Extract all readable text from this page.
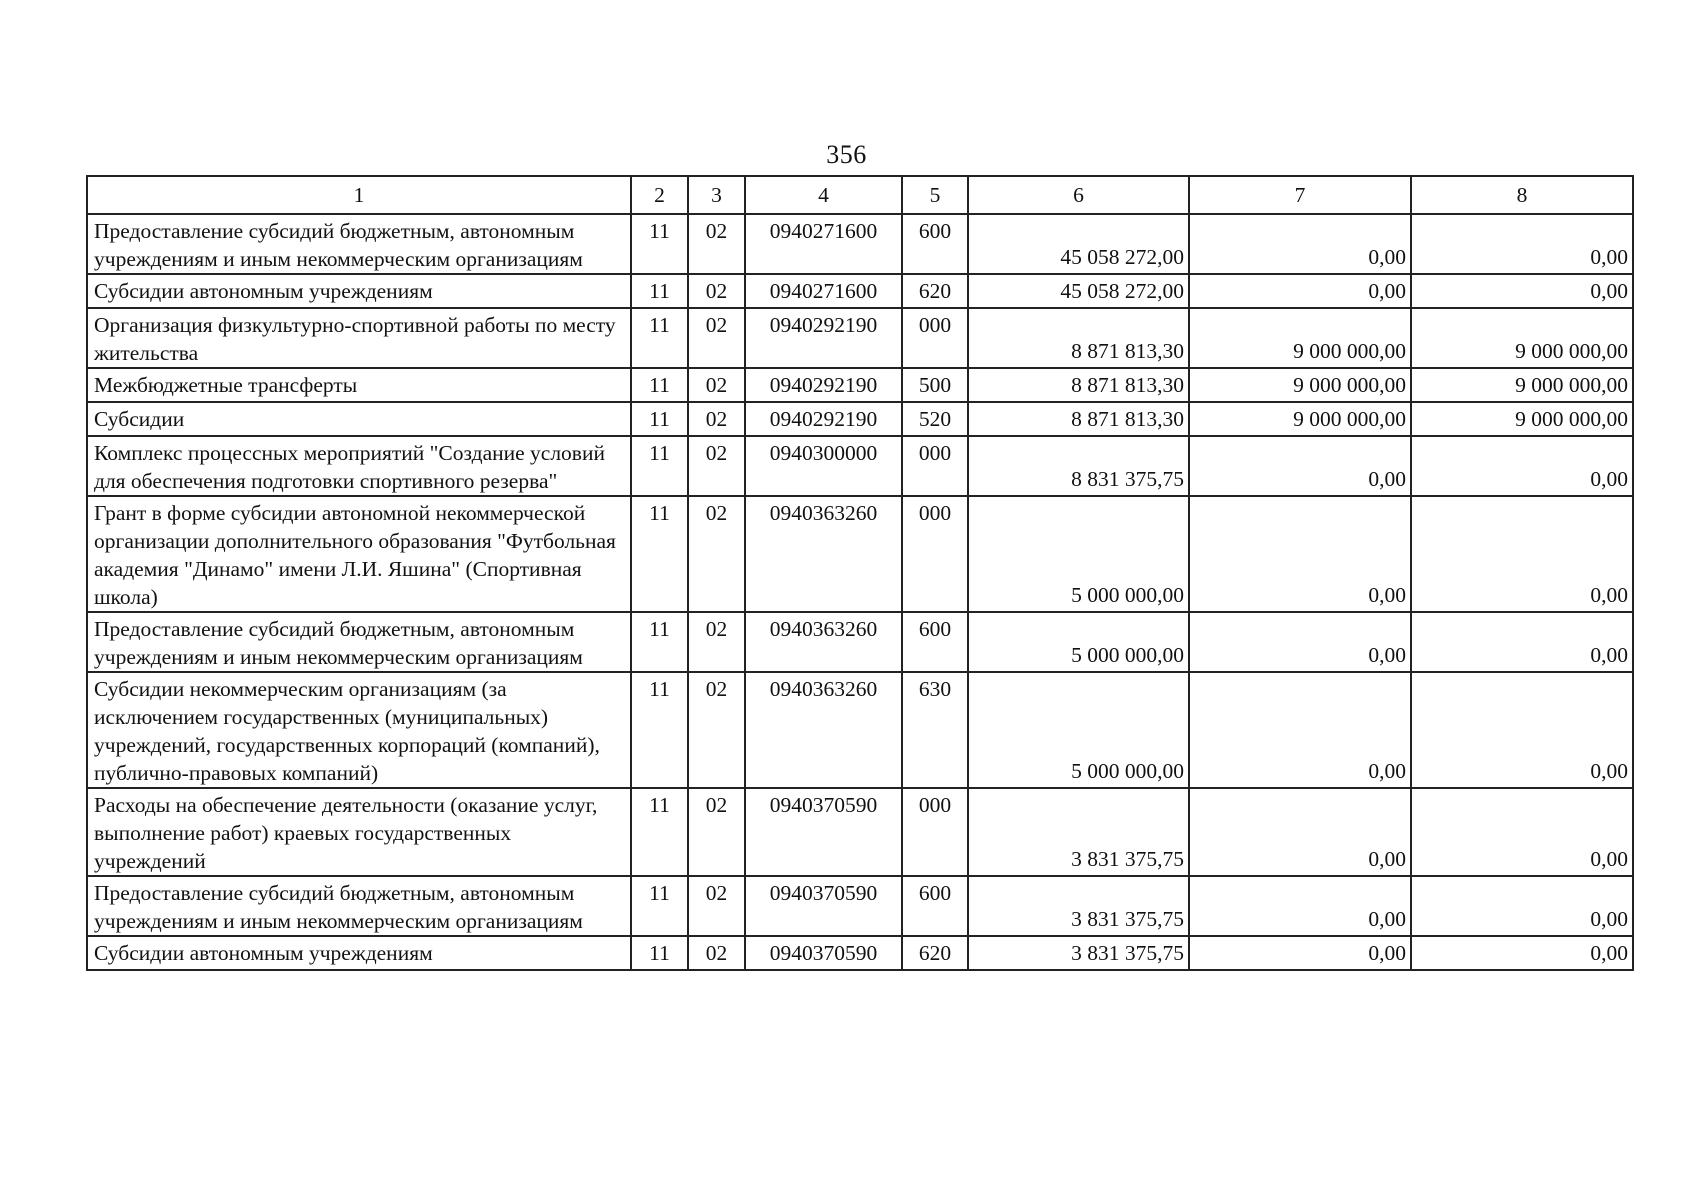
356
1	2	3	4	5	6	7	8
Предоставление субсидий бюджетным, автономным учреждениям и иным некоммерческим организациям	11	02	0940271600	600	45 058 272,00	0,00	0,00
Субсидии автономным учреждениям	11	02	0940271600	620	45 058 272,00	0,00	0,00
Организация физкультурно-спортивной работы по месту жительства	11	02	0940292190	000	8 871 813,30	9 000 000,00	9 000 000,00
Межбюджетные трансферты	11	02	0940292190	500	8 871 813,30	9 000 000,00	9 000 000,00
Субсидии	11	02	0940292190	520	8 871 813,30	9 000 000,00	9 000 000,00
Комплекс процессных мероприятий "Создание условий для обеспечения подготовки спортивного резерва"	11	02	0940300000	000	8 831 375,75	0,00	0,00
Грант в форме субсидии автономной некоммерческой организации дополнительного образования "Футбольная академия "Динамо" имени Л.И. Яшина" (Спортивная школа)	11	02	0940363260	000	5 000 000,00	0,00	0,00
Предоставление субсидий бюджетным, автономным учреждениям и иным некоммерческим организациям	11	02	0940363260	600	5 000 000,00	0,00	0,00
Субсидии некоммерческим организациям (за исключением государственных (муниципальных) учреждений, государственных корпораций (компаний), публично-правовых компаний)	11	02	0940363260	630	5 000 000,00	0,00	0,00
Расходы на обеспечение деятельности (оказание услуг, выполнение работ) краевых государственных учреждений	11	02	0940370590	000	3 831 375,75	0,00	0,00
Предоставление субсидий бюджетным, автономным учреждениям и иным некоммерческим организациям	11	02	0940370590	600	3 831 375,75	0,00	0,00
Субсидии автономным учреждениям	11	02	0940370590	620	3 831 375,75	0,00	0,00
